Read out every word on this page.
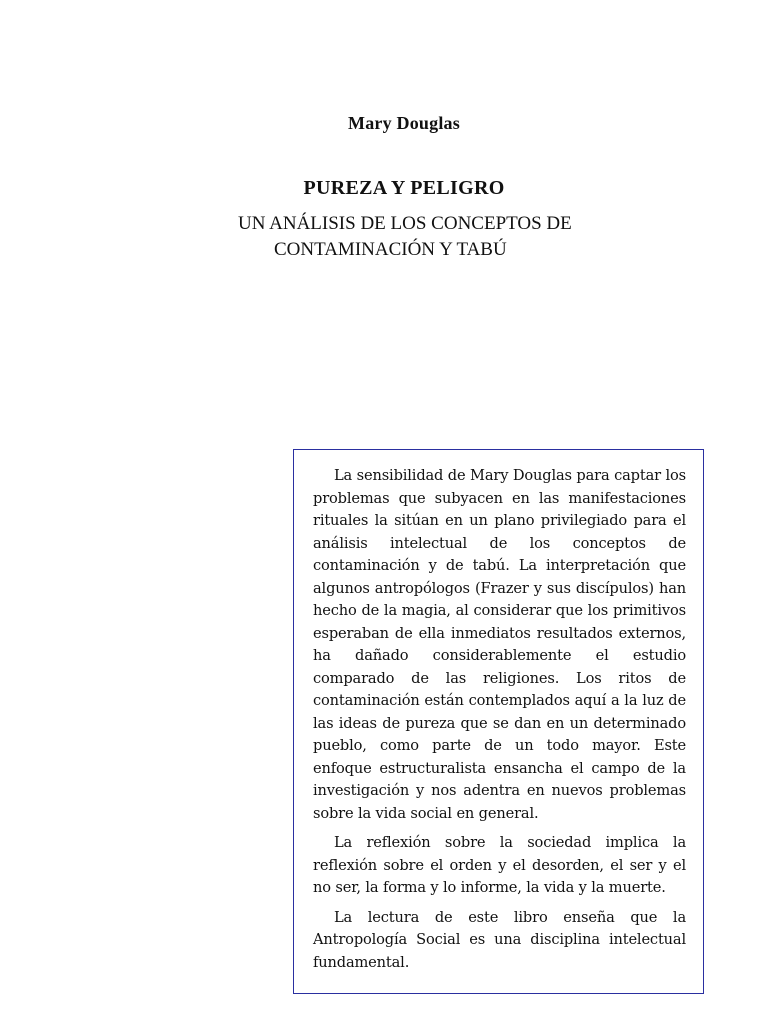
Mary Douglas
PUREZA Y PELIGRO
UN ANÁLISIS DE LOS CONCEPTOS DE
CONTAMINACIÓN Y TABÚ

La sensibilidad de Mary Douglas para captar los problemas que subyacen en las manifestaciones rituales la sitúan en un plano privilegiado para el análisis intelectual de los conceptos de contaminación y de tabú. La interpretación que algunos antropólogos (Frazer y sus discípulos) han hecho de la magia, al considerar que los primitivos esperaban de ella inmediatos resultados externos, ha dañado considerablemente el estudio comparado de las religiones. Los ritos de contaminación están contemplados aquí a la luz de las ideas de pureza que se dan en un determinado pueblo, como parte de un todo mayor. Este enfoque estructuralista ensancha el campo de la investigación y nos adentra en nuevos problemas sobre la vida social en general.

La reflexión sobre la sociedad implica la reflexión sobre el orden y el desorden, el ser y el no ser, la forma y lo informe, la vida y la muerte.

La lectura de este libro enseña que la Antropología Social es una disciplina intelectual fundamental.
